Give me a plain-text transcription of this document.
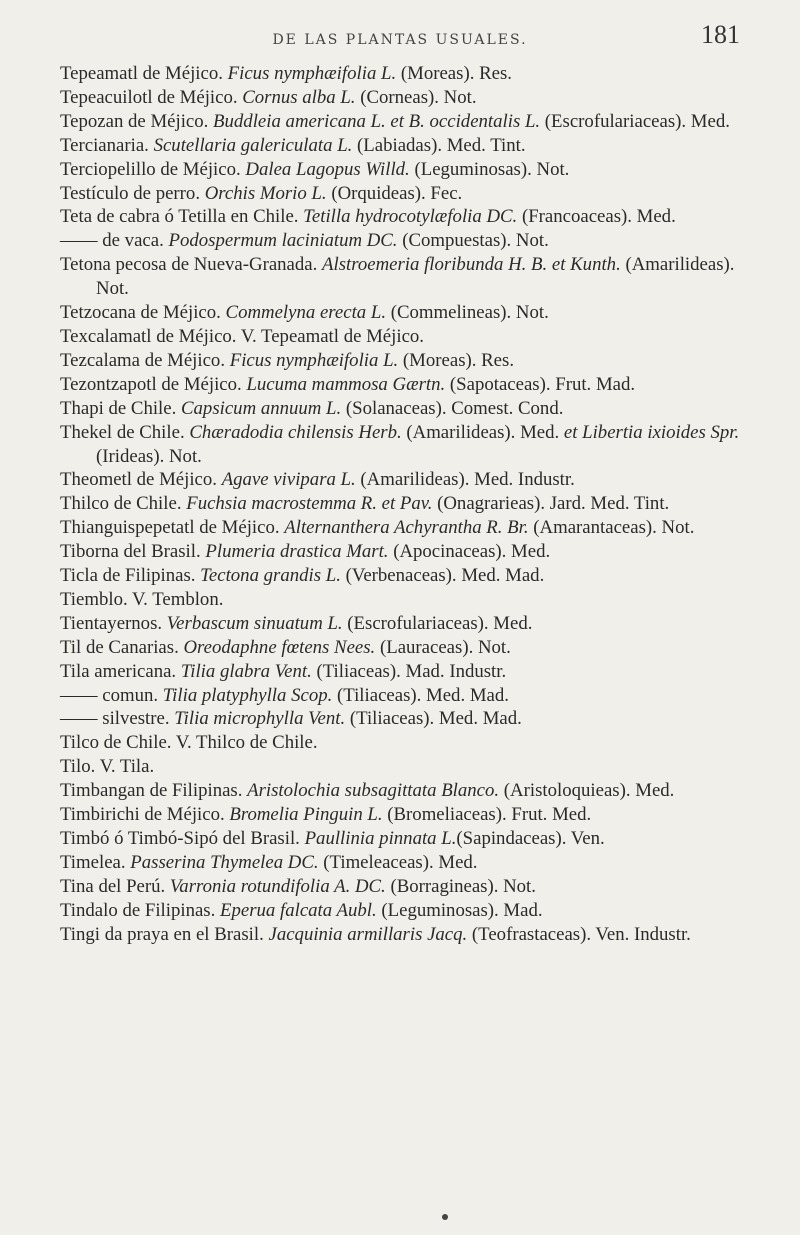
DE LAS PLANTAS USUALES.	181

Tepeamatl de Méjico. Ficus nymphæifolia L. (Moreas). Res.

Tepeacuilotl de Méjico. Cornus alba L. (Corneas). Not.

Tepozan de Méjico. Buddleia americana L. et B. occidentalis L. (Escrofulariaceas). Med.

Tercianaria. Scutellaria galericulata L. (Labiadas). Med. Tint.

Terciopelillo de Méjico. Dalea Lagopus Willd. (Leguminosas). Not.

Testículo de perro. Orchis Morio L. (Orquideas). Fec.

Teta de cabra ó Tetilla en Chile. Tetilla hydrocotylæfolia DC. (Francoaceas). Med.

—— de vaca. Podospermum laciniatum DC. (Compuestas). Not.

Tetona pecosa de Nueva-Granada. Alstroemeria floribunda H. B. et Kunth. (Amarilideas). Not.

Tetzocana de Méjico. Commelyna erecta L. (Commelineas). Not.

Texcalamatl de Méjico. V. Tepeamatl de Méjico.

Tezcalama de Méjico. Ficus nymphæifolia L. (Moreas). Res.

Tezontzapotl de Méjico. Lucuma mammosa Gærtn. (Sapotaceas). Frut. Mad.

Thapi de Chile. Capsicum annuum L. (Solanaceas). Comest. Cond.

Thekel de Chile. Chæradodia chilensis Herb. (Amarilideas). Med. et Libertia ixioides Spr. (Irideas). Not.

Theometl de Méjico. Agave vivipara L. (Amarilideas). Med. Industr.

Thilco de Chile. Fuchsia macrostemma R. et Pav. (Onagrarieas). Jard. Med. Tint.

Thianguispepetatl de Méjico. Alternanthera Achyrantha R. Br. (Amarantaceas). Not.

Tiborna del Brasil. Plumeria drastica Mart. (Apocinaceas). Med.

Ticla de Filipinas. Tectona grandis L. (Verbenaceas). Med. Mad.

Tiemblo. V. Temblon.

Tientayernos. Verbascum sinuatum L. (Escrofulariaceas). Med.

Til de Canarias. Oreodaphne fœtens Nees. (Lauraceas). Not.

Tila americana. Tilia glabra Vent. (Tiliaceas). Mad. Industr.

—— comun. Tilia platyphylla Scop. (Tiliaceas). Med. Mad.

—— silvestre. Tilia microphylla Vent. (Tiliaceas). Med. Mad.

Tilco de Chile. V. Thilco de Chile.

Tilo. V. Tila.

Timbangan de Filipinas. Aristolochia subsagittata Blanco. (Aristoloquieas). Med.

Timbirichi de Méjico. Bromelia Pinguin L. (Bromeliaceas). Frut. Med.

Timbó ó Timbó-Sipó del Brasil. Paullinia pinnata L.(Sapindaceas). Ven.

Timelea. Passerina Thymelea DC. (Timeleaceas). Med.

Tina del Perú. Varronia rotundifolia A. DC. (Borragineas). Not.

Tindalo de Filipinas. Eperua falcata Aubl. (Leguminosas). Mad.

Tingi da praya en el Brasil. Jacquinia armillaris Jacq. (Teofrastaceas). Ven. Industr.
